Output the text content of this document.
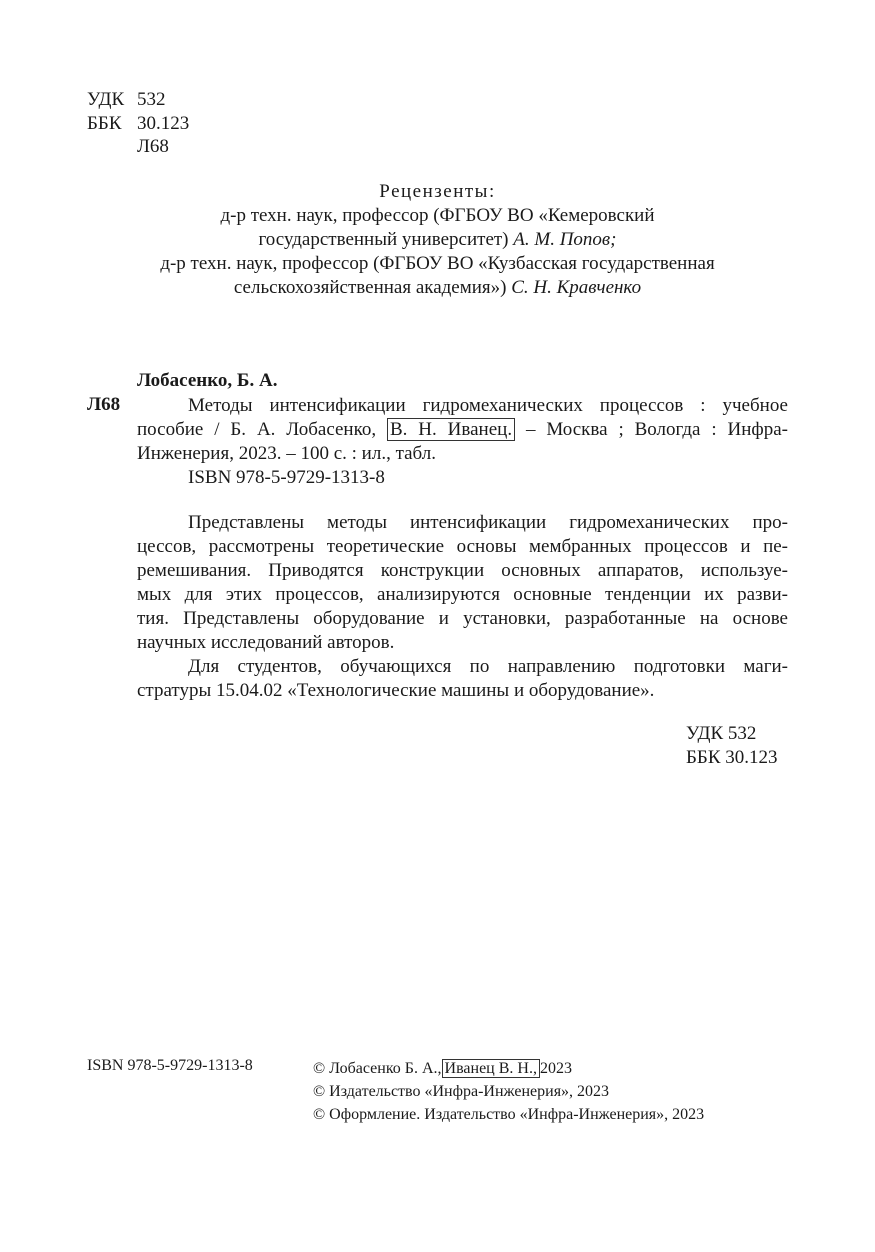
УДК 532
ББК 30.123
Л68
Рецензенты:
д-р техн. наук, профессор (ФГБОУ ВО «Кемеровский
государственный университет) А. М. Попов;
д-р техн. наук, профессор (ФГБОУ ВО «Кузбасская государственная
сельскохозяйственная академия») С. Н. Кравченко
Лобасенко, Б. А.
Л68	Методы интенсификации гидромеханических процессов : учебное

пособие / Б. А. Лобасенко, В. Н. Иванец. – Москва ; Вологда : Инфра-

Инженерия, 2023. – 100 с. : ил., табл.

ISBN 978-5-9729-1313-8

Представлены методы интенсификации гидромеханических про-

цессов, рассмотрены теоретические основы мембранных процессов и пе-

ремешивания. Приводятся конструкции основных аппаратов, используе-

мых для этих процессов, анализируются основные тенденции их разви-

тия. Представлены оборудование и установки, разработанные на основе

научных исследований авторов.

Для студентов, обучающихся по направлению подготовки маги-

стратуры 15.04.02 «Технологические машины и оборудование».

УДК 532
ББК 30.123
ISBN 978-5-9729-1313-8	© Лобасенко Б. А., Иванец В. Н., 2023
© Издательство «Инфра-Инженерия», 2023
© Оформление. Издательство «Инфра-Инженерия», 2023
